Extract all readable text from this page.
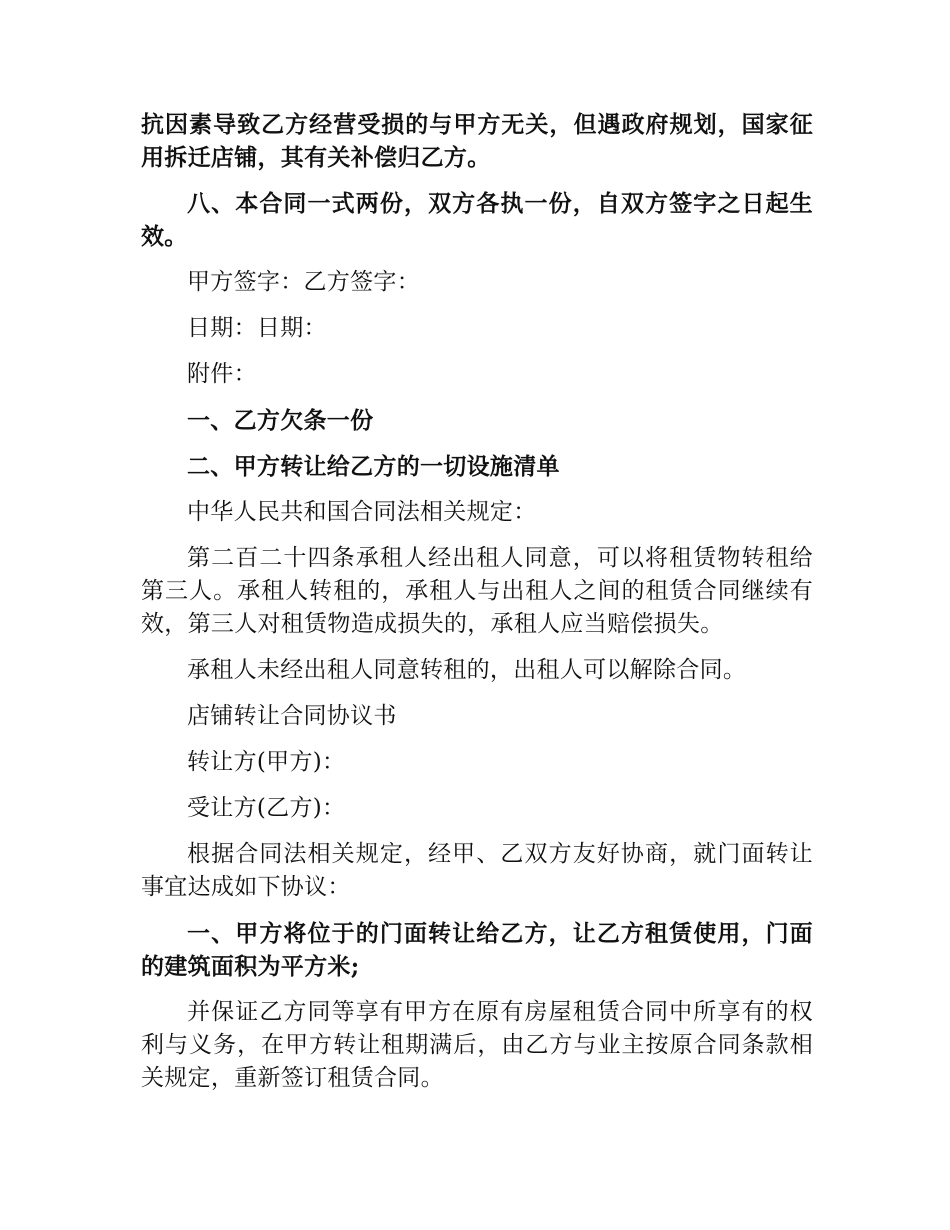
抗因素导致乙方经营受损的与甲方无关，但遇政府规划，国家征用拆迁店铺，其有关补偿归乙方。

八、本合同一式两份，双方各执一份，自双方签字之日起生效。

甲方签字：乙方签字：

日期：日期：

附件：

一、乙方欠条一份

二、甲方转让给乙方的一切设施清单

中华人民共和国合同法相关规定：

第二百二十四条承租人经出租人同意，可以将租赁物转租给第三人。承租人转租的，承租人与出租人之间的租赁合同继续有效，第三人对租赁物造成损失的，承租人应当赔偿损失。

承租人未经出租人同意转租的，出租人可以解除合同。

店铺转让合同协议书

转让方(甲方)：

受让方(乙方)：

根据合同法相关规定，经甲、乙双方友好协商，就门面转让事宜达成如下协议：

一、甲方将位于的门面转让给乙方，让乙方租赁使用，门面的建筑面积为平方米;

并保证乙方同等享有甲方在原有房屋租赁合同中所享有的权利与义务，在甲方转让租期满后，由乙方与业主按原合同条款相关规定，重新签订租赁合同。
